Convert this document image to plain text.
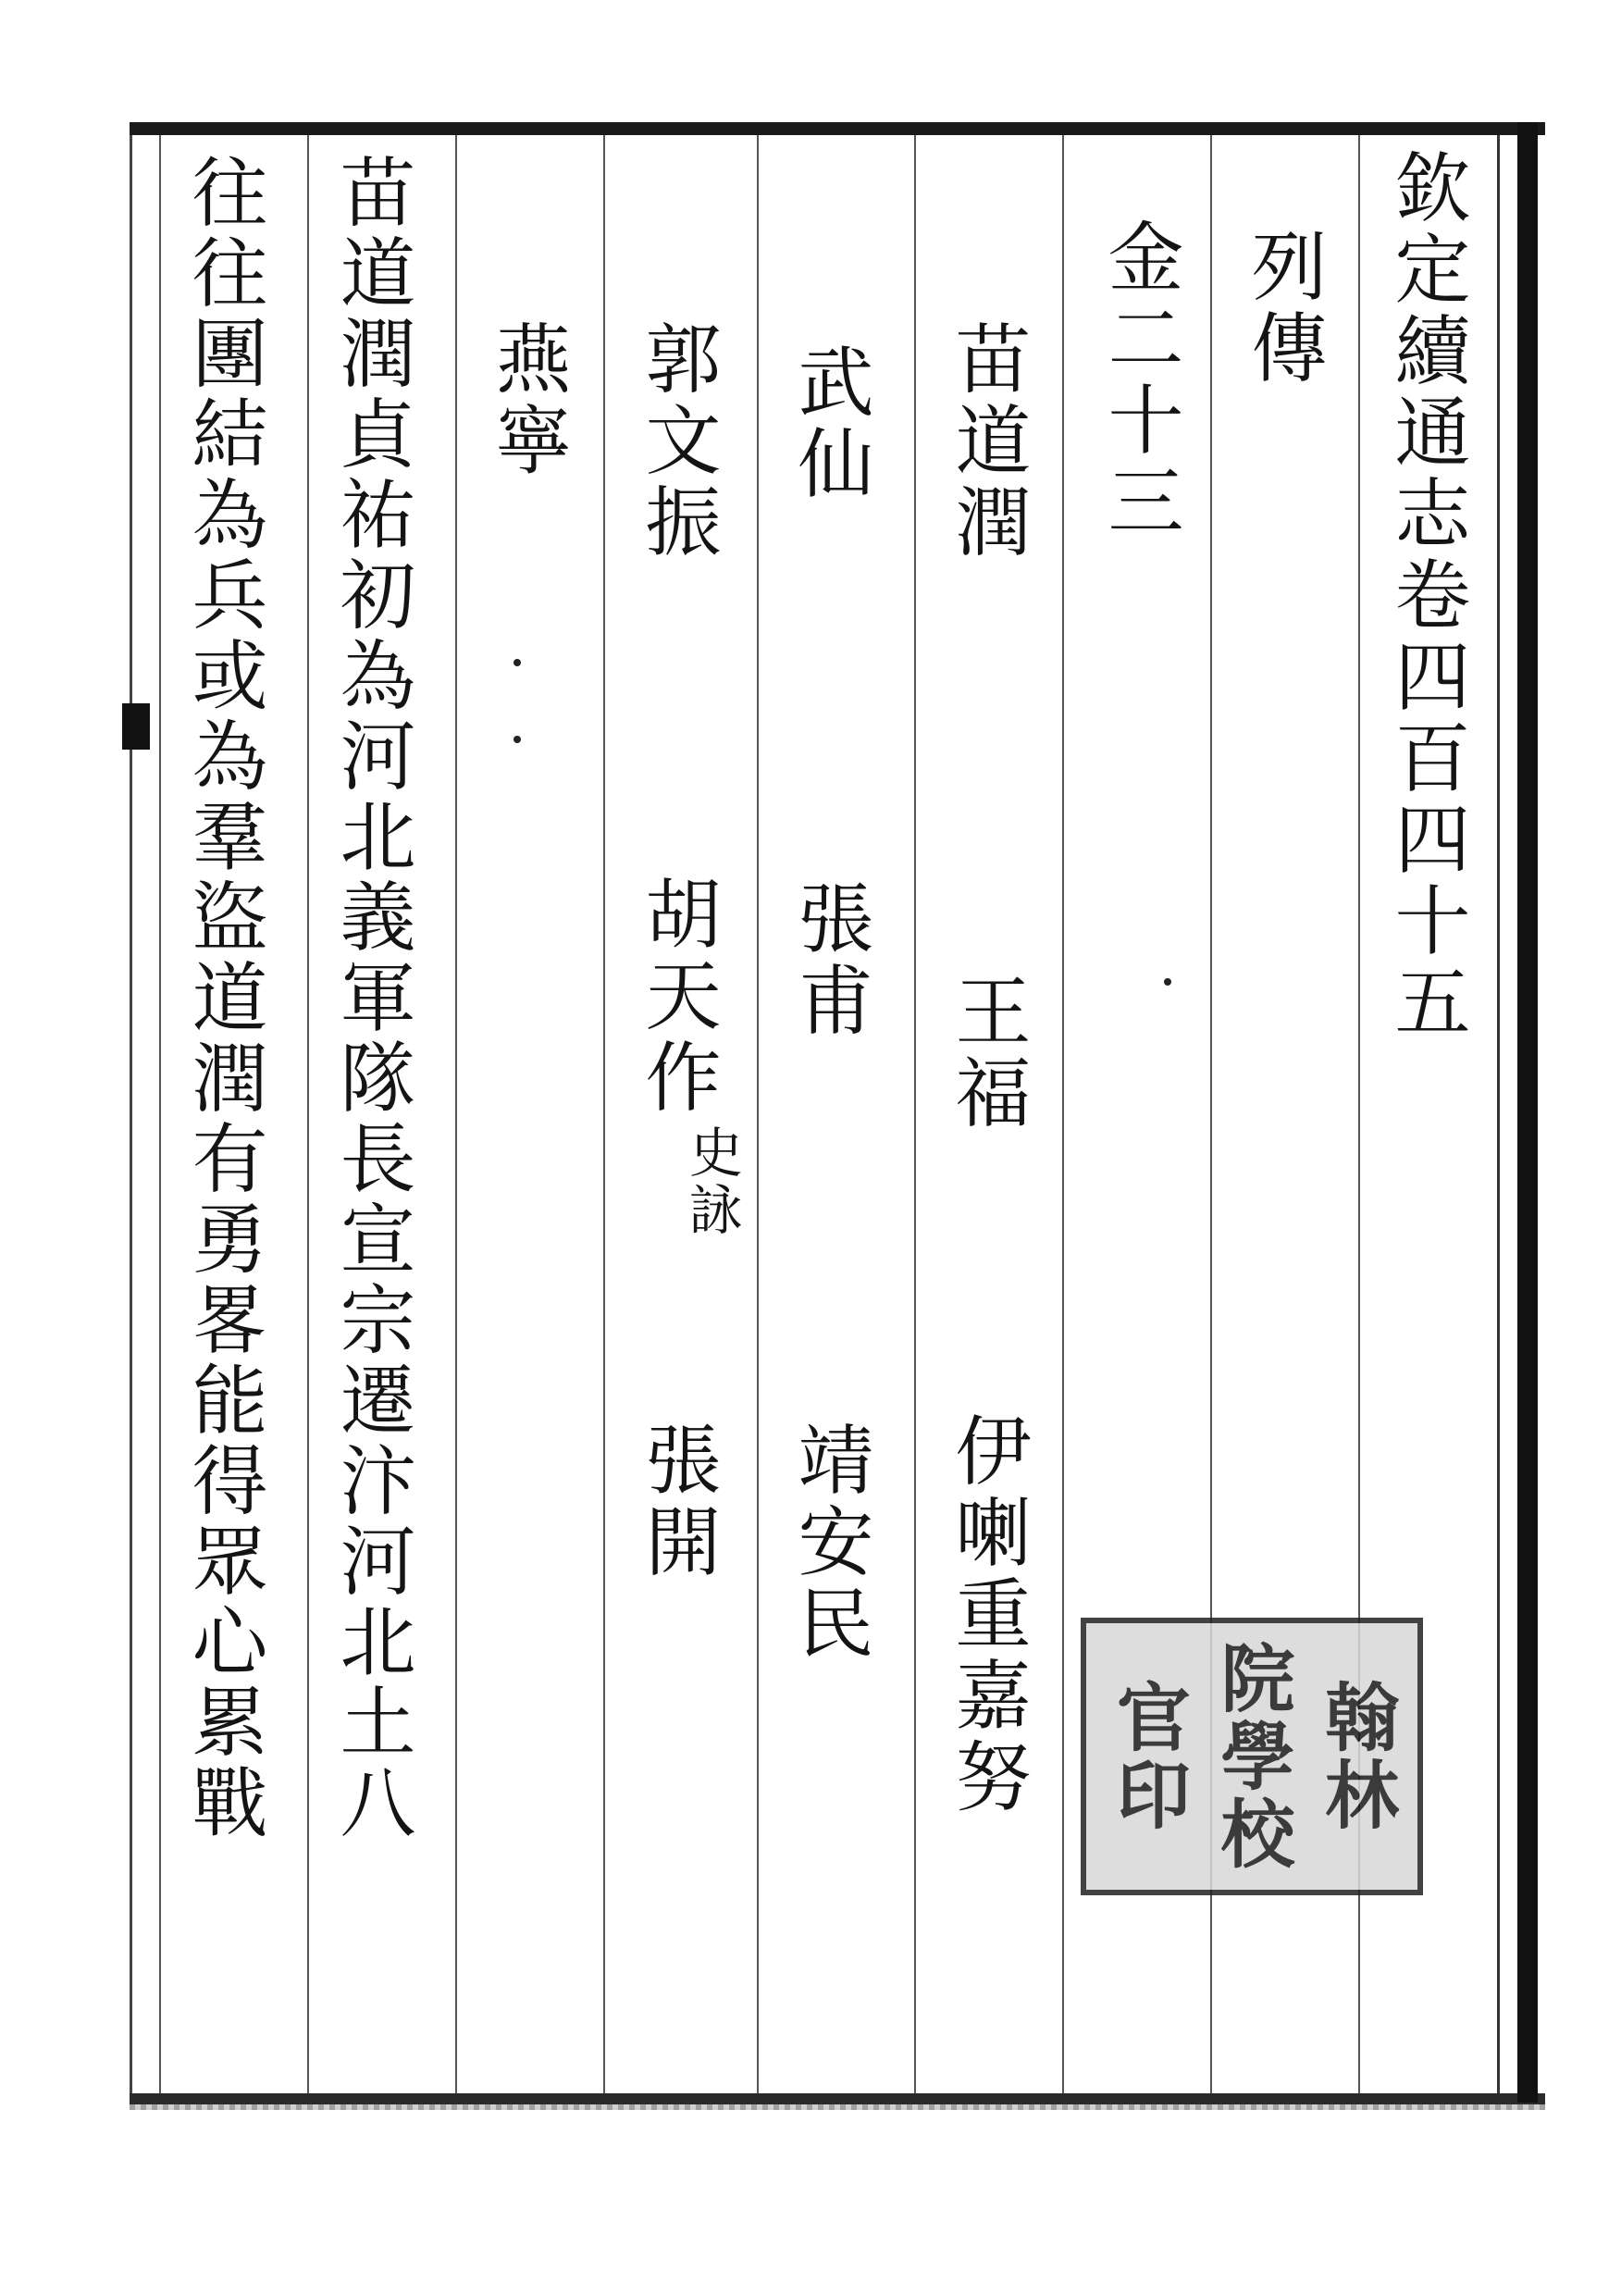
欽定續通志卷四百四十五
列傳
金二十三
苗道潤
王福
伊喇重嘉努
武仙
張甫
靖安民
郭文振
胡天作
史詠
張開
燕寧
苗道潤貞祐初為河北義軍隊長宣宗遷汴河北土八
往往團結為兵或為羣盜道潤有勇畧能得眾心累戰	翰林
院學校
官印
